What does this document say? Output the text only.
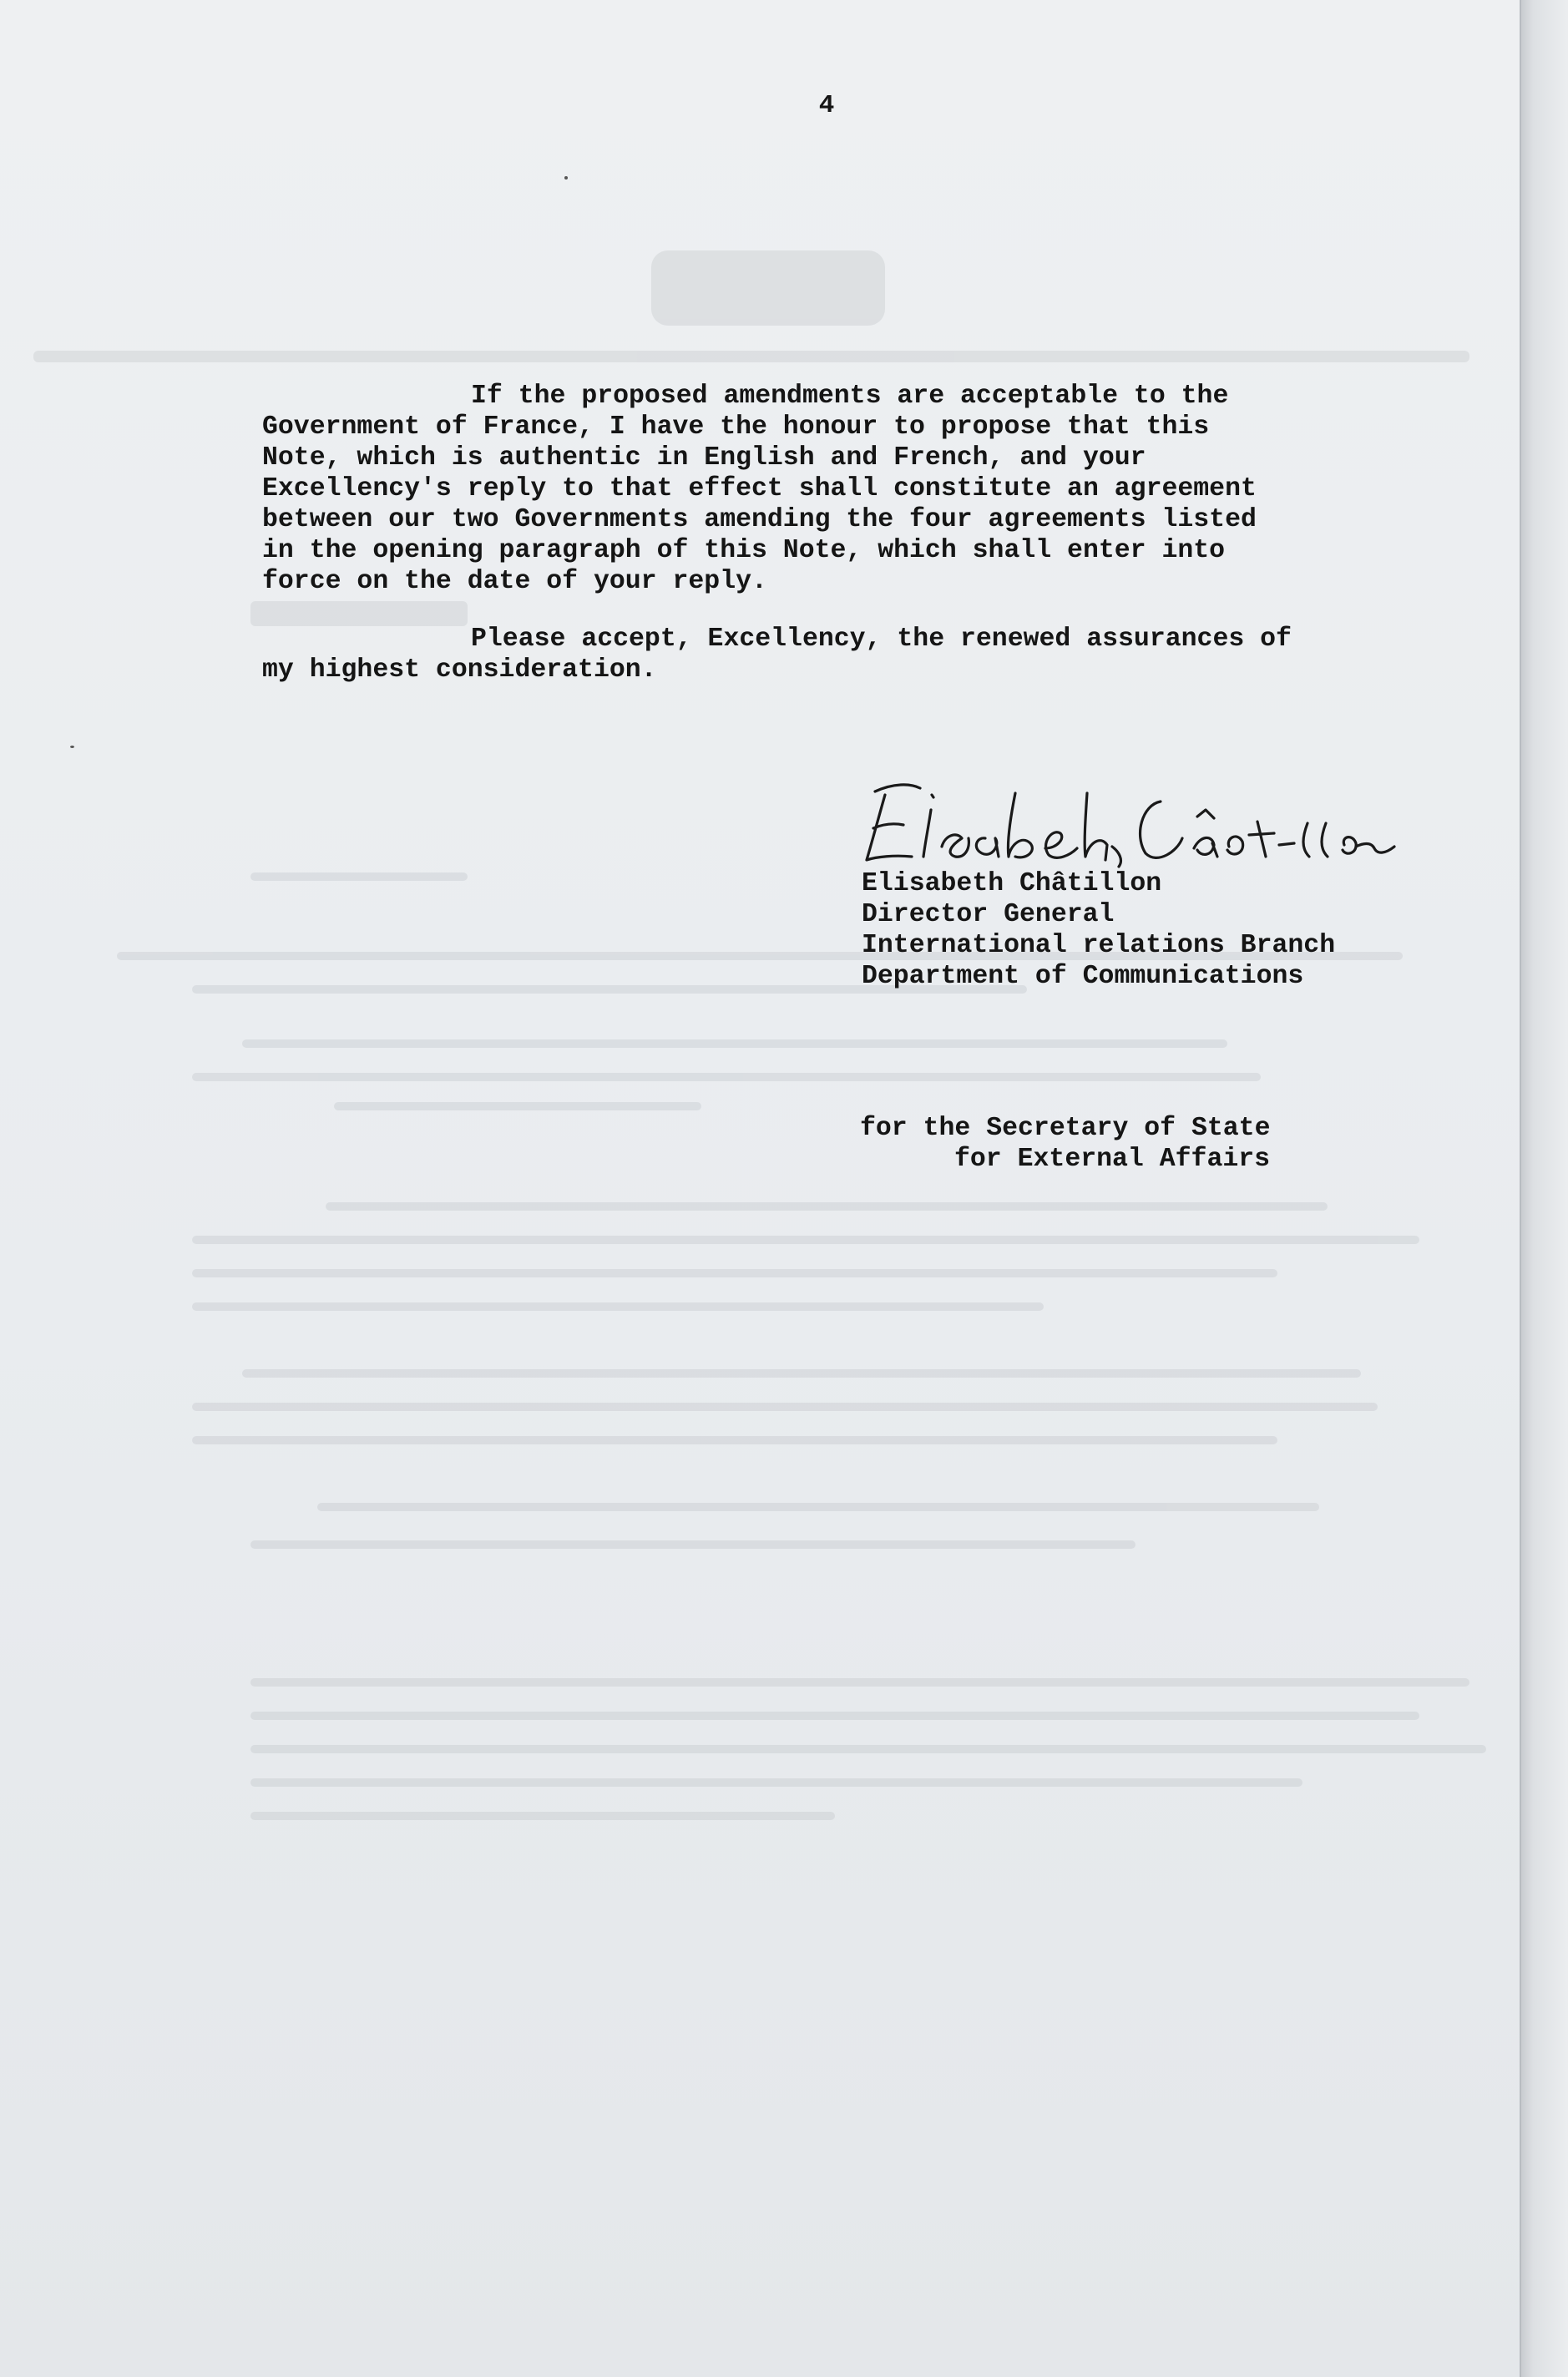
4

If the proposed amendments are acceptable to the
Government of France, I have the honour to propose that this
Note, which is authentic in English and French, and your
Excellency's reply to that effect shall constitute an agreement
between our two Governments amending the four agreements listed
in the opening paragraph of this Note, which shall enter into
force on the date of your reply.

Please accept, Excellency, the renewed assurances of
my highest consideration.

Elisabeth Châtillon
Director General
International relations Branch
Department of Communications

for the Secretary of State
for External Affairs
